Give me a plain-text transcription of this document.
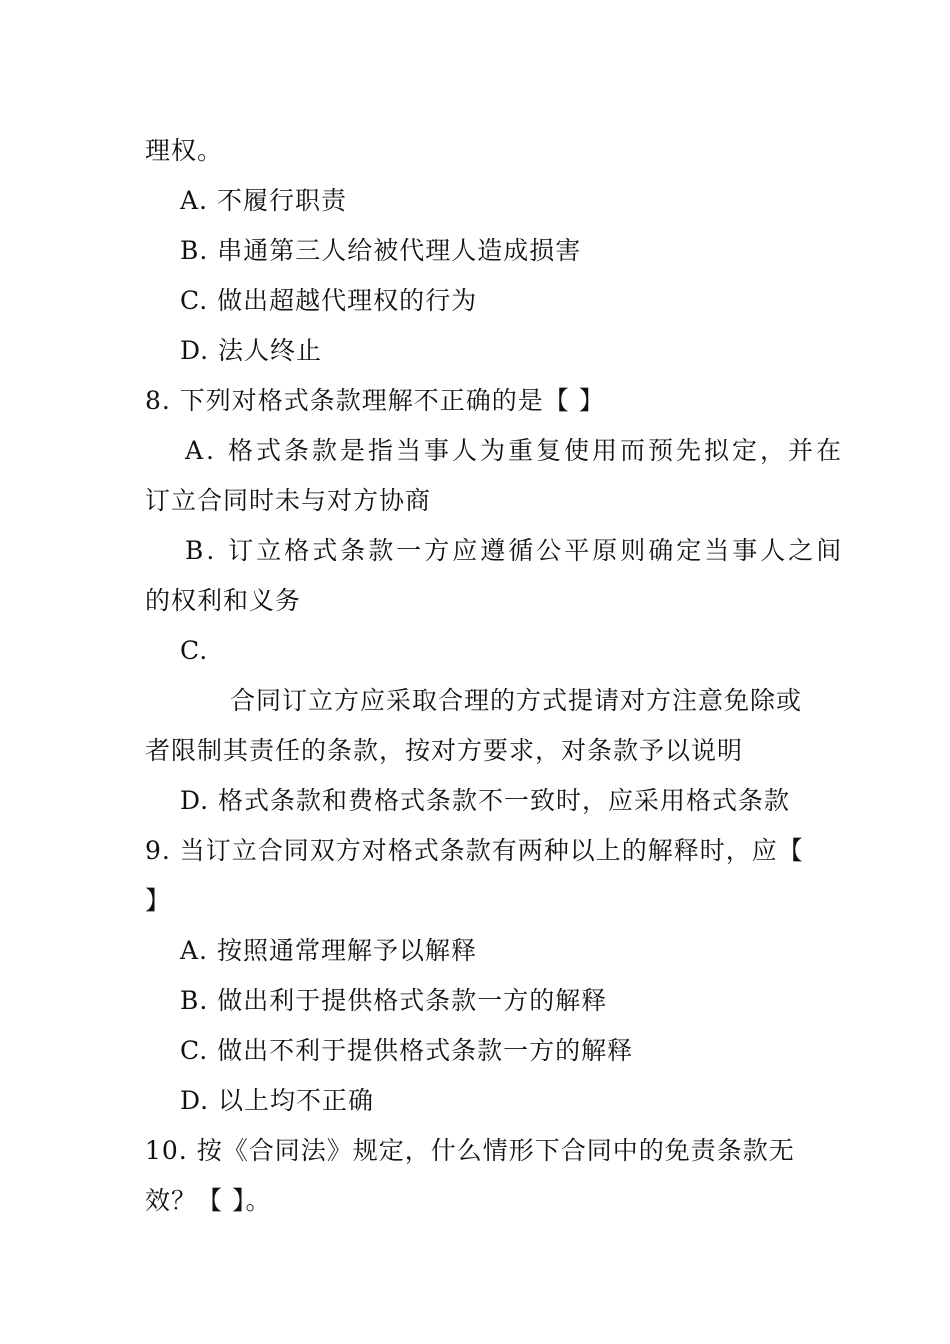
理权。
A. 不履行职责
B. 串通第三人给被代理人造成损害
C. 做出超越代理权的行为
D. 法人终止
8. 下列对格式条款理解不正确的是【 】
A. 格式条款是指当事人为重复使用而预先拟定，并在
订立合同时未与对方协商
B. 订立格式条款一方应遵循公平原则确定当事人之间
的权利和义务
C.
合同订立方应采取合理的方式提请对方注意免除或
者限制其责任的条款，按对方要求，对条款予以说明
D. 格式条款和费格式条款不一致时，应采用格式条款
9. 当订立合同双方对格式条款有两种以上的解释时，应【
】
A. 按照通常理解予以解释
B. 做出利于提供格式条款一方的解释
C. 做出不利于提供格式条款一方的解释
D. 以上均不正确
10. 按《合同法》规定，什么情形下合同中的免责条款无
效？【 】。
